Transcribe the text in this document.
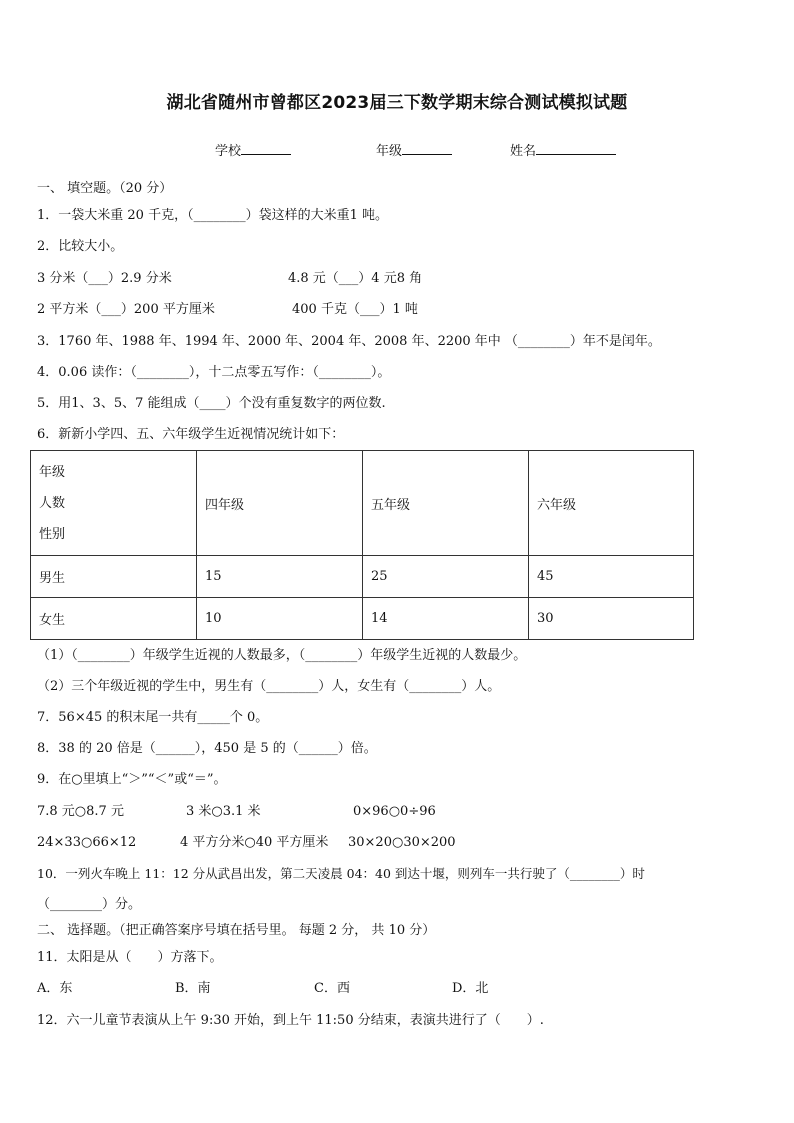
湖北省随州市曾都区2023届三下数学期末综合测试模拟试题
学校	年级	姓名
一、 填空题。（20 分）
1．一袋大米重 20 千克，（________）袋这样的大米重1 吨。
2．比较大小。
3 分米（___）2.9 分米	4.8 元（___）4 元8 角
2 平方米（___）200 平方厘米	400 千克（___）1 吨
3．1760 年、1988 年、1994 年、2000 年、2004 年、2008 年、2200 年中 （________）年不是闰年。
4．0.06 读作：（________），十二点零五写作：（________）。
5．用1、3、5、7 能组成（____）个没有重复数字的两位数.
6．新新小学四、五、六年级学生近视情况统计如下：
年级
人数
性别	四年级	五年级	六年级
男生	15	25	45
女生	10	14	30
（1）（________）年级学生近视的人数最多，（________）年级学生近视的人数最少。
（2）三个年级近视的学生中，男生有（________）人，女生有（________）人。
7．56×45 的积末尾一共有_____个 0。
8．38 的 20 倍是（______），450 是 5 的（______）倍。
9．在○里填上“＞”“＜”或“＝”。
7.8 元○8.7 元	3 米○3.1 米	0×96○0÷96
24×33○66×12	4 平方分米○40 平方厘米 30×20○30×200
10．一列火车晚上 11：12 分从武昌出发，第二天凌晨 04：40 到达十堰，则列车一共行驶了（________）时
（________）分。
二、 选择题。（把正确答案序号填在括号里。 每题 2 分， 共 10 分）
11．太阳是从（　　）方落下。
A．东	B．南	C．西	D．北
12．六一儿童节表演从上午 9:30 开始，到上午 11:50 分结束，表演共进行了（　　）.
